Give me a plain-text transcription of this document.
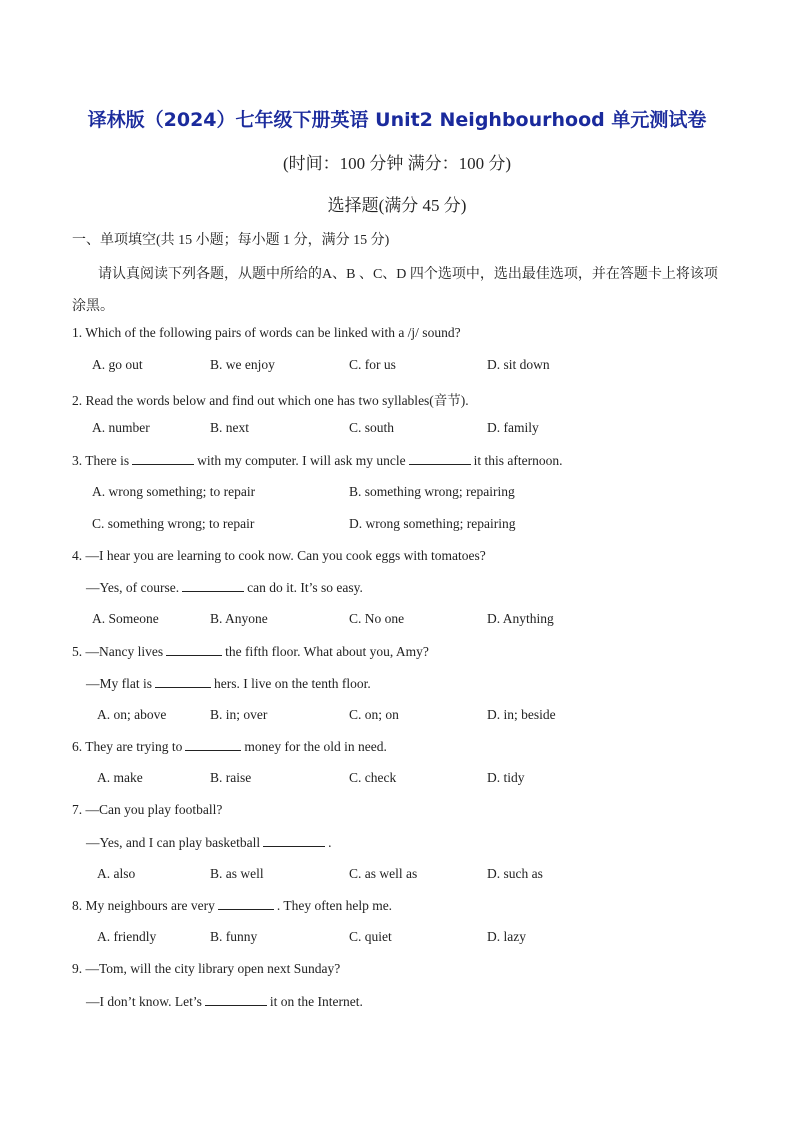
译林版（2024）七年级下册英语 Unit2 Neighbourhood 单元测试卷
(时间：100 分钟 满分：100 分)
选择题(满分 45 分)
一、单项填空(共 15 小题；每小题 1 分，满分 15 分)
请认真阅读下列各题，从题中所给的A、B 、C、D 四个选项中，选出最佳选项，并在答题卡上将该项涂黑。
1. Which of the following pairs of words can be linked with a /j/ sound?
A. go out	B. we enjoy	C. for us	D. sit down
2. Read the words below and find out which one has two syllables(音节).
A. number	B. next	C. south	D. family
3. There is	with my computer. I will ask my uncle	it this afternoon.
A. wrong something; to repair	B. something wrong; repairing
C. something wrong; to repair	D. wrong something; repairing
4. —I hear you are learning to cook now. Can you cook eggs with tomatoes?
—Yes, of course.	can do it. It’s so easy.
A. Someone	B. Anyone	C. No one	D. Anything
5. —Nancy lives	the fifth floor. What about you, Amy?
—My flat is	hers. I live on the tenth floor.
A. on; above	B. in; over	C. on; on	D. in; beside
6. They are trying to	money for the old in need.
A. make	B. raise	C. check	D. tidy
7. —Can you play football?
—Yes, and I can play basketball	.
A. also	B. as well	C. as well as	D. such as
8. My neighbours are very	. They often help me.
A. friendly	B. funny	C. quiet	D. lazy
9. —Tom, will the city library open next Sunday?
—I don’t know. Let’s	it on the Internet.
